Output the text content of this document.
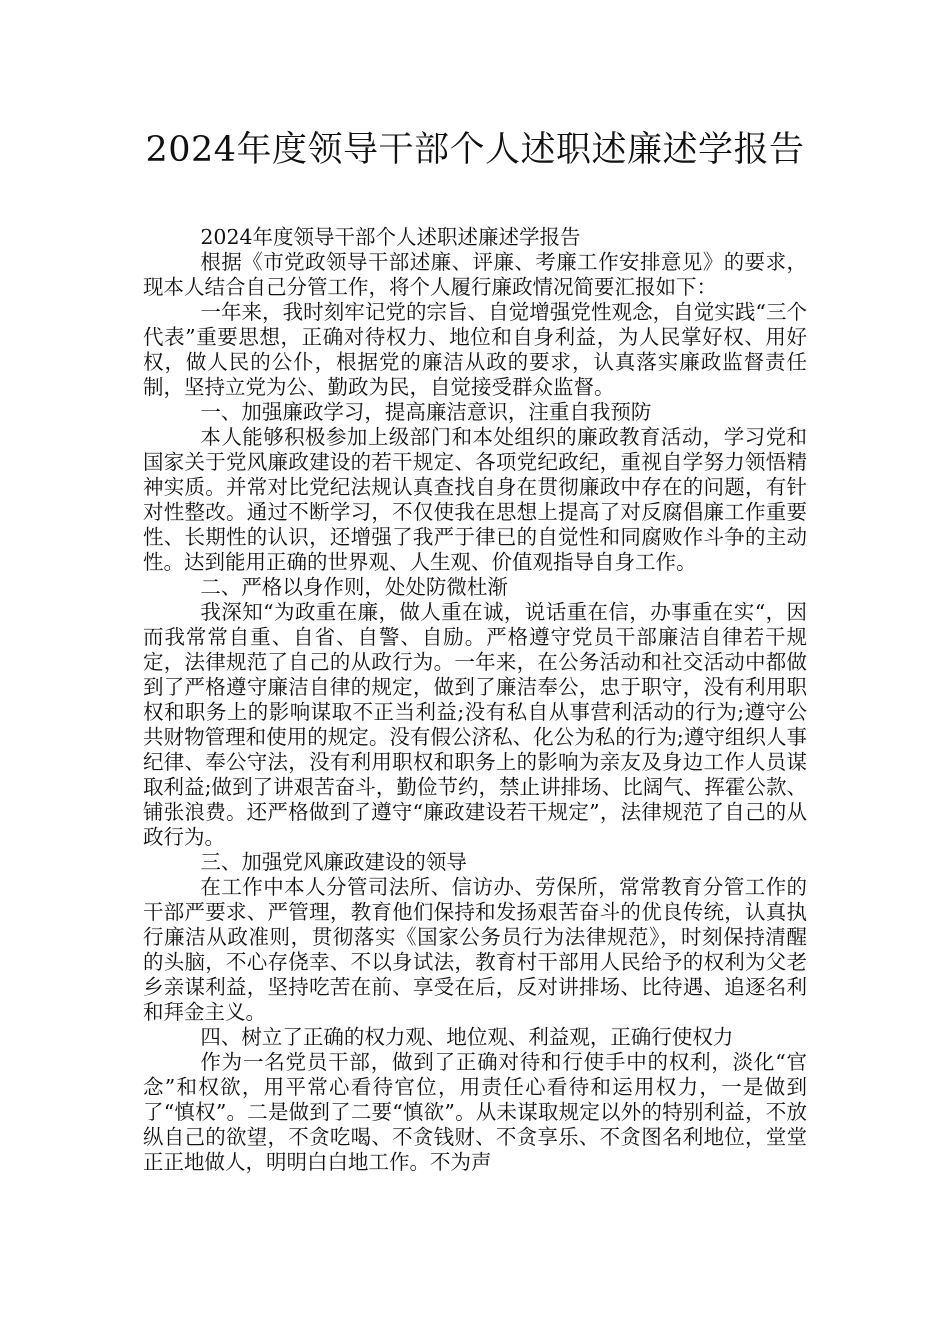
2024年度领导干部个人述职述廉述学报告

2024年度领导干部个人述职述廉述学报告

根据《市党政领导干部述廉、评廉、考廉工作安排意见》的要求，现本人结合自己分管工作，将个人履行廉政情况简要汇报如下：

一年来，我时刻牢记党的宗旨、自觉增强党性观念，自觉实践“三个代表”重要思想，正确对待权力、地位和自身利益，为人民掌好权、用好权，做人民的公仆，根据党的廉洁从政的要求，认真落实廉政监督责任制，坚持立党为公、勤政为民，自觉接受群众监督。

一、加强廉政学习，提高廉洁意识，注重自我预防

本人能够积极参加上级部门和本处组织的廉政教育活动，学习党和国家关于党风廉政建设的若干规定、各项党纪政纪，重视自学努力领悟精神实质。并常对比党纪法规认真查找自身在贯彻廉政中存在的问题，有针对性整改。通过不断学习，不仅使我在思想上提高了对反腐倡廉工作重要性、长期性的认识，还增强了我严于律已的自觉性和同腐败作斗争的主动性。达到能用正确的世界观、人生观、价值观指导自身工作。

二、严格以身作则，处处防微杜渐

我深知“为政重在廉，做人重在诚，说话重在信，办事重在实“，因而我常常自重、自省、自警、自励。严格遵守党员干部廉洁自律若干规定，法律规范了自己的从政行为。一年来，在公务活动和社交活动中都做到了严格遵守廉洁自律的规定，做到了廉洁奉公，忠于职守，没有利用职权和职务上的影响谋取不正当利益;没有私自从事营利活动的行为;遵守公共财物管理和使用的规定。没有假公济私、化公为私的行为;遵守组织人事纪律、奉公守法，没有利用职权和职务上的影响为亲友及身边工作人员谋取利益;做到了讲艰苦奋斗，勤俭节约，禁止讲排场、比阔气、挥霍公款、铺张浪费。还严格做到了遵守“廉政建设若干规定”，法律规范了自己的从政行为。

三、加强党风廉政建设的领导

在工作中本人分管司法所、信访办、劳保所，常常教育分管工作的干部严要求、严管理，教育他们保持和发扬艰苦奋斗的优良传统，认真执行廉洁从政准则，贯彻落实《国家公务员行为法律规范》，时刻保持清醒的头脑，不心存侥幸、不以身试法，教育村干部用人民给予的权利为父老乡亲谋利益，坚持吃苦在前、享受在后，反对讲排场、比待遇、追逐名利和拜金主义。

四、树立了正确的权力观、地位观、利益观，正确行使权力

作为一名党员干部，做到了正确对待和行使手中的权利，淡化“官念”和权欲，用平常心看待官位，用责任心看待和运用权力，一是做到了“慎权”。二是做到了二要“慎欲”。从未谋取规定以外的特别利益，不放纵自己的欲望，不贪吃喝、不贪钱财、不贪享乐、不贪图名利地位，堂堂正正地做人，明明白白地工作。不为声
